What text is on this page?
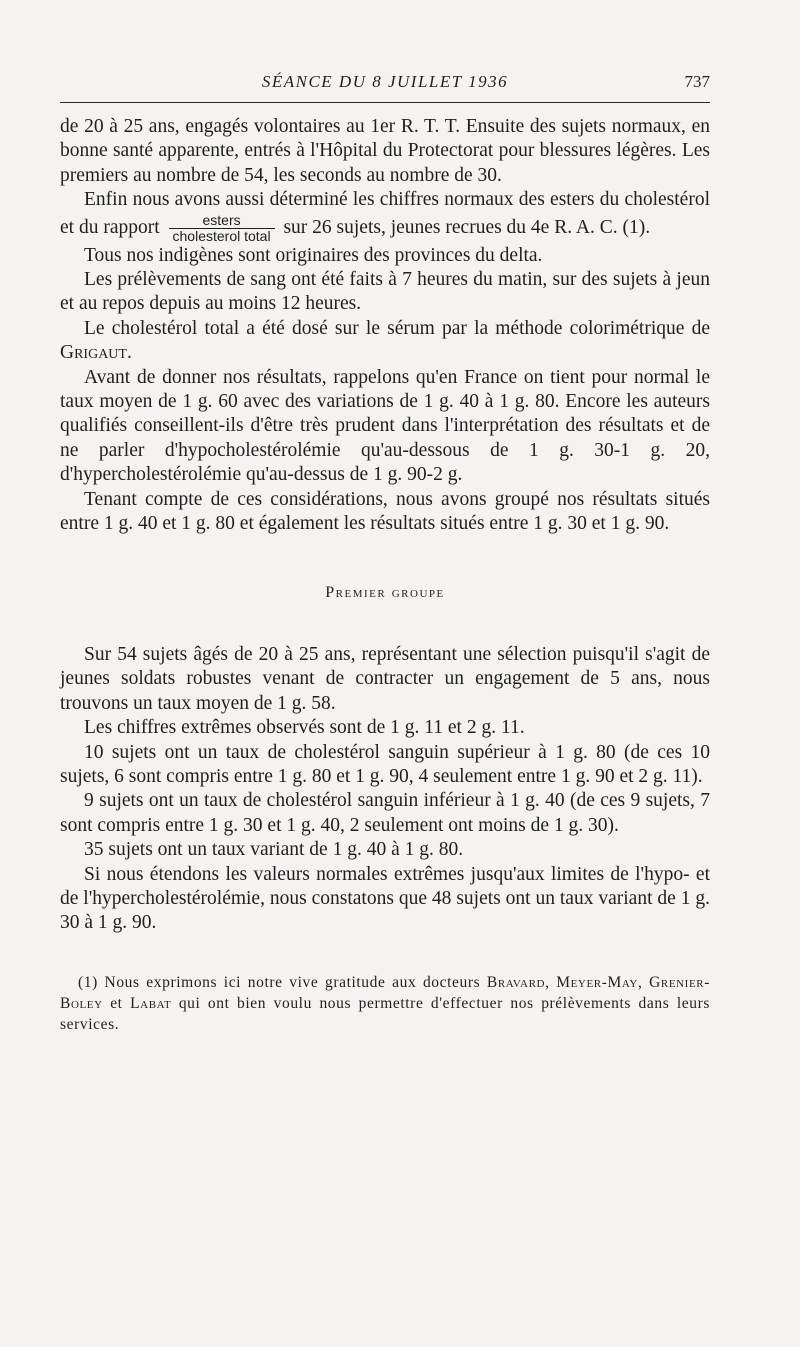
SÉANCE DU 8 JUILLET 1936	737

de 20 à 25 ans, engagés volontaires au 1er R. T. T. Ensuite des sujets normaux, en bonne santé apparente, entrés à l'Hôpital du Protectorat pour blessures légères. Les premiers au nombre de 54, les seconds au nombre de 30.

Enfin nous avons aussi déterminé les chiffres normaux des esters du cholestérol et du rapport $\frac{\text{esters}}{\text{cholesterol total}}$ sur 26 sujets, jeunes recrues du 4e R. A. C. (1).

Tous nos indigènes sont originaires des provinces du delta.

Les prélèvements de sang ont été faits à 7 heures du matin, sur des sujets à jeun et au repos depuis au moins 12 heures.

Le cholestérol total a été dosé sur le sérum par la méthode colorimétrique de Grigaut.

Avant de donner nos résultats, rappelons qu'en France on tient pour normal le taux moyen de 1 g. 60 avec des variations de 1 g. 40 à 1 g. 80. Encore les auteurs qualifiés conseillent-ils d'être très prudent dans l'interprétation des résultats et de ne parler d'hypocholestérolémie qu'au-dessous de 1 g. 30-1 g. 20, d'hypercholestérolémie qu'au-dessus de 1 g. 90-2 g.

Tenant compte de ces considérations, nous avons groupé nos résultats situés entre 1 g. 40 et 1 g. 80 et également les résultats situés entre 1 g. 30 et 1 g. 90.

Premier groupe

Sur 54 sujets âgés de 20 à 25 ans, représentant une sélection puisqu'il s'agit de jeunes soldats robustes venant de contracter un engagement de 5 ans, nous trouvons un taux moyen de 1 g. 58.

Les chiffres extrêmes observés sont de 1 g. 11 et 2 g. 11.

10 sujets ont un taux de cholestérol sanguin supérieur à 1 g. 80 (de ces 10 sujets, 6 sont compris entre 1 g. 80 et 1 g. 90, 4 seulement entre 1 g. 90 et 2 g. 11).

9 sujets ont un taux de cholestérol sanguin inférieur à 1 g. 40 (de ces 9 sujets, 7 sont compris entre 1 g. 30 et 1 g. 40, 2 seulement ont moins de 1 g. 30).

35 sujets ont un taux variant de 1 g. 40 à 1 g. 80.

Si nous étendons les valeurs normales extrêmes jusqu'aux limites de l'hypo- et de l'hypercholestérolémie, nous constatons que 48 sujets ont un taux variant de 1 g. 30 à 1 g. 90.

(1) Nous exprimons ici notre vive gratitude aux docteurs Bravard, Meyer-May, Grenier-Boley et Labat qui ont bien voulu nous permettre d'effectuer nos prélèvements dans leurs services.
